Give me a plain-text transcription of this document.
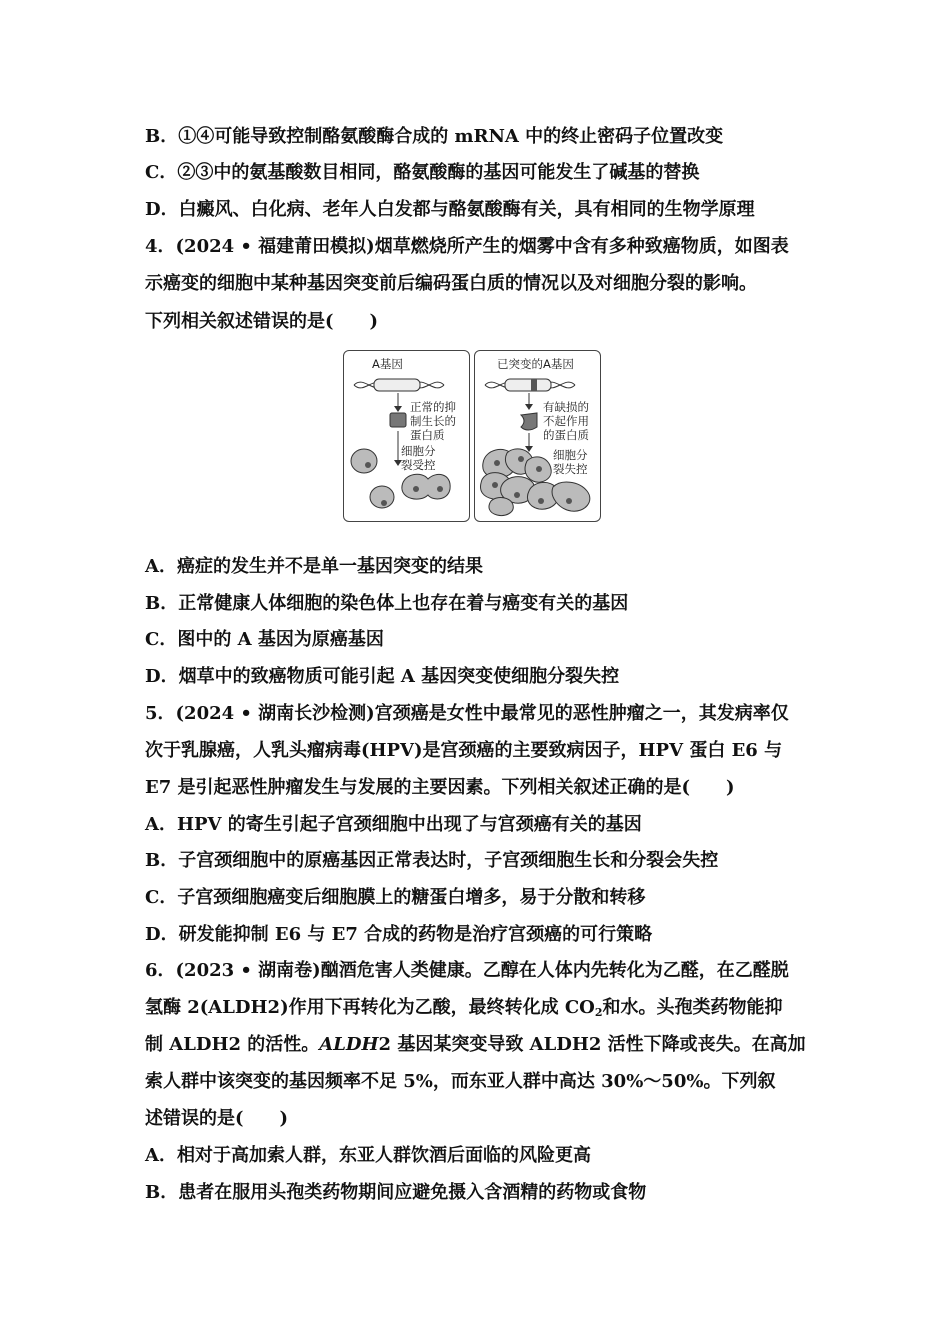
B．①④可能导致控制酪氨酸酶合成的 mRNA 中的终止密码子位置改变
C．②③中的氨基酸数目相同，酪氨酸酶的基因可能发生了碱基的替换
D．白癜风、白化病、老年人白发都与酪氨酸酶有关，具有相同的生物学原理
4．(2024 • 福建莆田模拟)烟草燃烧所产生的烟雾中含有多种致癌物质，如图表
示癌变的细胞中某种基因突变前后编码蛋白质的情况以及对细胞分裂的影响。
下列相关叙述错误的是(　　)
A基因
正常的抑
制生长的
蛋白质
细胞分
裂受控
已突变的A基因
有缺损的
不起作用
的蛋白质
细胞分
裂失控
A．癌症的发生并不是单一基因突变的结果
B．正常健康人体细胞的染色体上也存在着与癌变有关的基因
C．图中的 A 基因为原癌基因
D．烟草中的致癌物质可能引起 A 基因突变使细胞分裂失控
5．(2024 • 湖南长沙检测)宫颈癌是女性中最常见的恶性肿瘤之一，其发病率仅
次于乳腺癌，人乳头瘤病毒(HPV)是宫颈癌的主要致病因子，HPV 蛋白 E6 与
E7 是引起恶性肿瘤发生与发展的主要因素。下列相关叙述正确的是(　　)
A．HPV 的寄生引起子宫颈细胞中出现了与宫颈癌有关的基因
B．子宫颈细胞中的原癌基因正常表达时，子宫颈细胞生长和分裂会失控
C．子宫颈细胞癌变后细胞膜上的糖蛋白增多，易于分散和转移
D．研发能抑制 E6 与 E7 合成的药物是治疗宫颈癌的可行策略
6．(2023 • 湖南卷)酗酒危害人类健康。乙醇在人体内先转化为乙醛，在乙醛脱
氢酶 2(ALDH2)作用下再转化为乙酸，最终转化成 $CO_2$和水。头孢类药物能抑
制 ALDH2 的活性。ALDH2 基因某突变导致 ALDH2 活性下降或丧失。在高加
索人群中该突变的基因频率不足 5%，而东亚人群中高达 30%～50%。下列叙
述错误的是(　　)
A．相对于高加索人群，东亚人群饮酒后面临的风险更高
B．患者在服用头孢类药物期间应避免摄入含酒精的药物或食物
